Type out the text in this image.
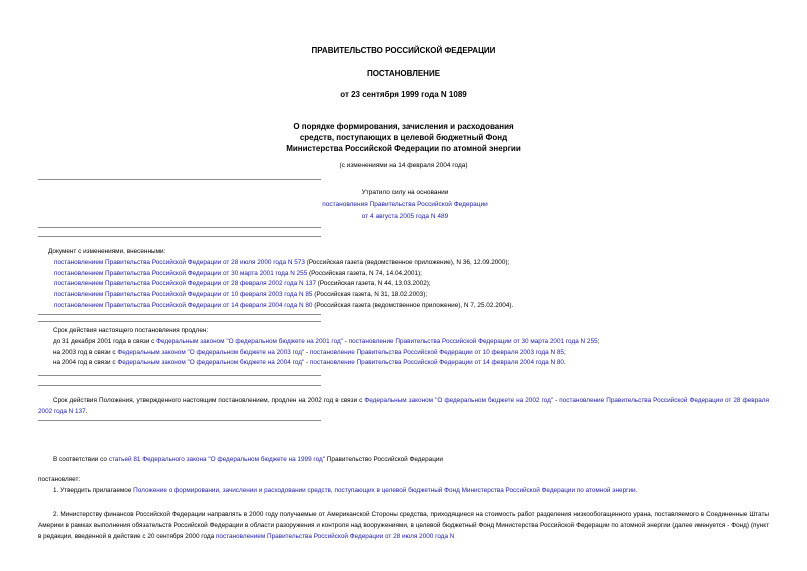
ПРАВИТЕЛЬСТВО РОССИЙСКОЙ ФЕДЕРАЦИИ
ПОСТАНОВЛЕНИЕ
от 23 сентября 1999 года N 1089
О порядке формирования, зачисления и расходования
средств, поступающих в целевой бюджетный Фонд
Министерства Российской Федерации по атомной энергии
(с изменениями на 14 февраля 2004 года)
Утратило силу на основании
постановления Правительства Российской Федерации
от 4 августа 2005 года N 489
Документ с изменениями, внесенными:
постановлением Правительства Российской Федерации от 28 июля 2000 года N 573 (Российская газета (ведомственное приложение), N 36, 12.09.2000);
постановлением Правительства Российской Федерации от 30 марта 2001 года N 255 (Российская газета, N 74, 14.04.2001);
постановлением Правительства Российской Федерации от 28 февраля 2002 года N 137 (Российская газета, N 44, 13.03.2002);
постановлением Правительства Российской Федерации от 10 февраля 2003 года N 85 (Российская газета, N 31, 18.02.2003);
постановлением Правительства Российской Федерации от 14 февраля 2004 года N 80 (Российская газета (ведомственное приложение), N 7, 25.02.2004).
Срок действия настоящего постановления продлен:
до 31 декабря 2001 года в связи с Федеральным законом "О федеральном бюджете на 2001 год" - постановление Правительства Российской Федерации от 30 марта 2001 года N 255;
на 2003 год в связи с Федеральным законом "О федеральном бюджете на 2003 год" - постановление Правительства Российской Федерации от 10 февраля 2003 года N 85;
на 2004 год в связи с Федеральным законом "О федеральном бюджете на 2004 год" - постановление Правительства Российской Федерации от 14 февраля 2004 года N 80.

Срок действия Положения, утвержденного настоящим постановлением, продлен на 2002 год в связи с Федеральным законом "О федеральном бюджете на 2002 год" - постановление Правительства Российской Федерации от 28 февраля 2002 года N 137.

В соответствии со статьей 81 Федерального закона "О федеральном бюджете на 1999 год" Правительство Российской Федерации

постановляет:

1. Утвердить прилагаемое Положение о формировании, зачислении и расходовании средств, поступающих в целевой бюджетный Фонд Министерства Российской Федерации по атомной энергии.

2. Министерству финансов Российской Федерации направлять в 2000 году получаемые от Американской Стороны средства, приходящиеся на стоимость работ разделения низкообогащенного урана, поставляемого в Соединенные Штаты Америки в рамках выполнения обязательств Российской Федерации в области разоружения и контроля над вооружениями, в целевой бюджетный Фонд Министерства Российской Федерации по атомной энергии (далее именуется - Фонд) (пункт в редакции, введенной в действие с 20 сентября 2000 года постановлением Правительства Российской Федерации от 28 июля 2000 года N
